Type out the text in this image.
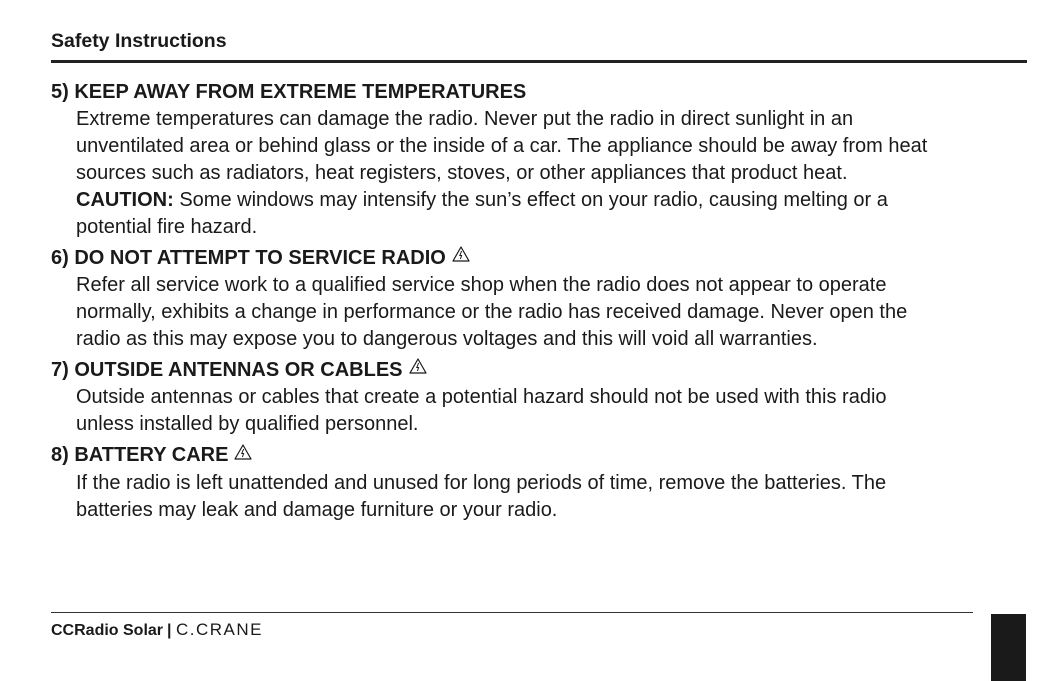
Safety Instructions
5) KEEP AWAY FROM EXTREME TEMPERATURES

Extreme temperatures can damage the radio. Never put the radio in direct sunlight in an
unventilated area or behind glass or the inside of a car. The appliance should be away from heat
sources such as radiators, heat registers, stoves, or other appliances that product heat.
CAUTION: Some windows may intensify the sun’s effect on your radio, causing melting or a
potential fire hazard.

6) DO NOT ATTEMPT TO SERVICE RADIO

Refer all service work to a qualified service shop when the radio does not appear to operate
normally, exhibits a change in performance or the radio has received damage. Never open the
radio as this may expose you to dangerous voltages and this will void all warranties.

7) OUTSIDE ANTENNAS OR CABLES

Outside antennas or cables that create a potential hazard should not be used with this radio
unless installed by qualified personnel.

8) BATTERY CARE

If the radio is left unattended and unused for long periods of time, remove the batteries. The
batteries may leak and damage furniture or your radio.

CCRadio Solar | C.CRANE
